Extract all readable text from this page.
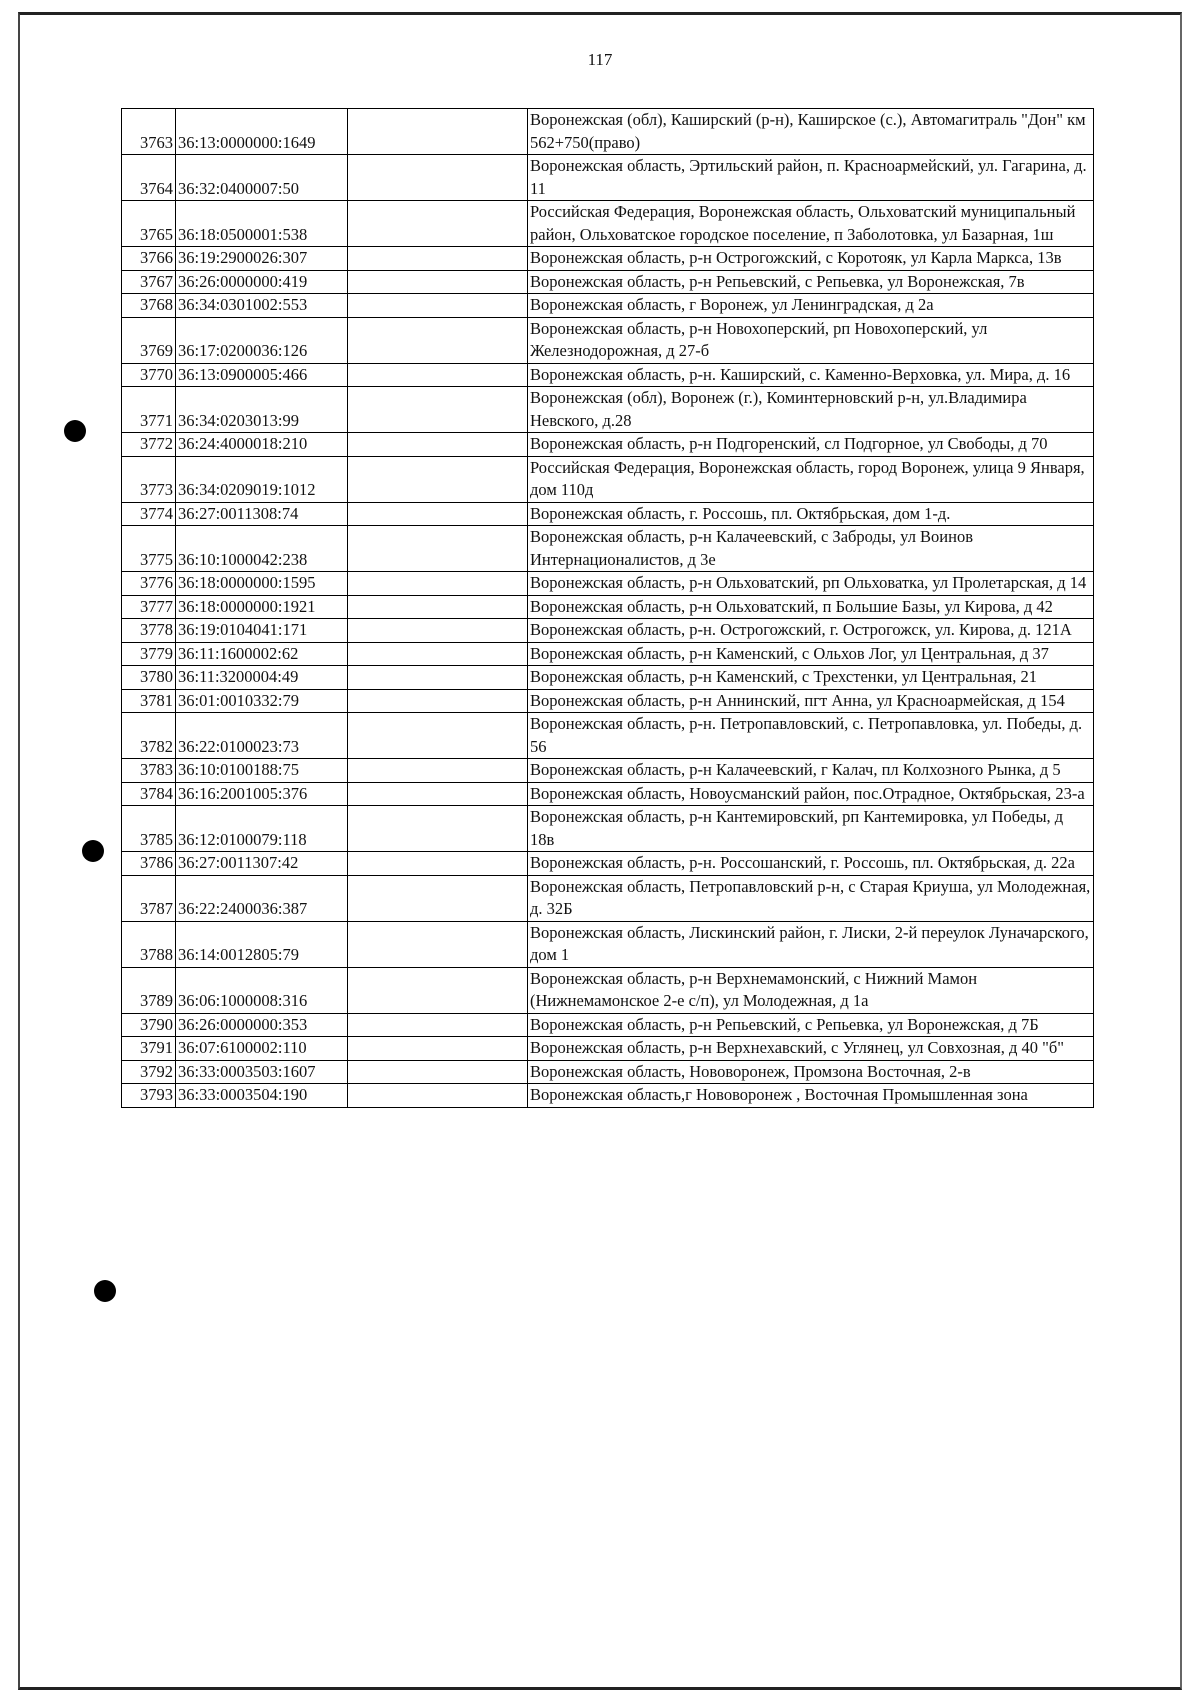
117
3763	36:13:0000000:1649		Воронежская (обл), Каширский (р-н), Каширское (с.), Автомагитраль "Дон" км 562+750(право)
3764	36:32:0400007:50		Воронежская область, Эртильский район, п. Красноармейский, ул. Гагарина, д. 11
3765	36:18:0500001:538		Российская Федерация, Воронежская область, Ольховатский муниципальный район, Ольховатское городское поселение, п Заболотовка, ул Базарная, 1ш
3766	36:19:2900026:307		Воронежская область, р-н Острогожский, с Коротояк, ул Карла Маркса, 13в
3767	36:26:0000000:419		Воронежская область, р-н Репьевский, с Репьевка, ул Воронежская, 7в
3768	36:34:0301002:553		Воронежская область, г Воронеж, ул Ленинградская, д 2а
3769	36:17:0200036:126		Воронежская область, р-н Новохоперский, рп Новохоперский, ул Железнодорожная, д 27-б
3770	36:13:0900005:466		Воронежская область, р-н. Каширский, с. Каменно-Верховка, ул. Мира, д. 16
3771	36:34:0203013:99		Воронежская (обл), Воронеж (г.), Коминтерновский р-н, ул.Владимира Невского, д.28
3772	36:24:4000018:210		Воронежская область, р-н Подгоренский, сл Подгорное, ул Свободы, д 70
3773	36:34:0209019:1012		Российская Федерация, Воронежская область, город Воронеж, улица 9 Января, дом 110д
3774	36:27:0011308:74		Воронежская область, г. Россошь, пл. Октябрьская, дом 1-д.
3775	36:10:1000042:238		Воронежская область, р-н Калачеевский, с Заброды, ул Воинов Интернационалистов, д 3е
3776	36:18:0000000:1595		Воронежская область, р-н Ольховатский, рп Ольховатка, ул Пролетарская, д 14
3777	36:18:0000000:1921		Воронежская область, р-н Ольховатский, п Большие Базы, ул Кирова, д 42
3778	36:19:0104041:171		Воронежская область, р-н. Острогожский, г. Острогожск, ул. Кирова, д. 121А
3779	36:11:1600002:62		Воронежская область, р-н Каменский, с Ольхов Лог, ул Центральная, д 37
3780	36:11:3200004:49		Воронежская область, р-н Каменский, с Трехстенки, ул Центральная, 21
3781	36:01:0010332:79		Воронежская область, р-н Аннинский, пгт Анна, ул Красноармейская, д 154
3782	36:22:0100023:73		Воронежская область, р-н. Петропавловский, с. Петропавловка, ул. Победы, д. 56
3783	36:10:0100188:75		Воронежская область, р-н Калачеевский, г Калач, пл Колхозного Рынка, д 5
3784	36:16:2001005:376		Воронежская область, Новоусманский район, пос.Отрадное, Октябрьская, 23-а
3785	36:12:0100079:118		Воронежская область, р-н Кантемировский, рп Кантемировка, ул Победы, д 18в
3786	36:27:0011307:42		Воронежская область, р-н. Россошанский, г. Россошь, пл. Октябрьская, д. 22а
3787	36:22:2400036:387		Воронежская область, Петропавловский р-н, с Старая Криуша, ул Молодежная, д. 32Б
3788	36:14:0012805:79		Воронежская область, Лискинский район, г. Лиски, 2-й переулок Луначарского, дом 1
3789	36:06:1000008:316		Воронежская область, р-н Верхнемамонский, с Нижний Мамон (Нижнемамонское 2-е с/п), ул Молодежная, д 1а
3790	36:26:0000000:353		Воронежская область, р-н Репьевский, с Репьевка, ул Воронежская, д 7Б
3791	36:07:6100002:110		Воронежская область, р-н Верхнехавский, с Углянец, ул Совхозная, д 40 "б"
3792	36:33:0003503:1607		Воронежская область, Нововоронеж, Промзона Восточная, 2-в
3793	36:33:0003504:190		Воронежская область,г Нововоронеж , Восточная Промышленная зона
